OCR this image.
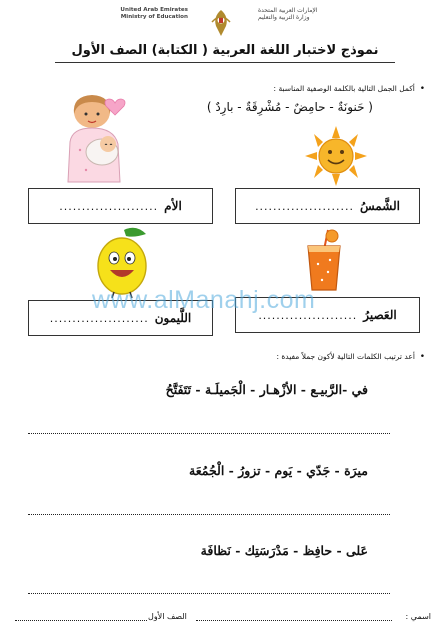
United Arab Emirates
Ministry of Education
الإمارات العربية المتحدة
وزارة التربية والتعليم
نموذج لاختبار اللغة العربية ( الكتابة) الصف الأول
•  أكمل الجمل التالية بالكلمة الوصفية المناسبة :
( حَنونَةٌ - حامِضٌ - مُشْرِقَةٌ - بارِدٌ )
الشَّمسُ
......................
الأم
......................
العَصيرُ
......................
اللَّيمون
......................
www.alManahj.com
•  أعد ترتيب الكلمات التالية لأكون جملاً مفيدة :
في -الرَّبيـع - الأزْهـار - الْجَميلَـة - تَتَفَتَّحُ
ميرَة - جَدّي - يَوم - تزورُ - الْجُمُعَة
عَلى - حافِظ - مَدْرَسَتِك - نَظافَة
اسمي :
الصف الأول
